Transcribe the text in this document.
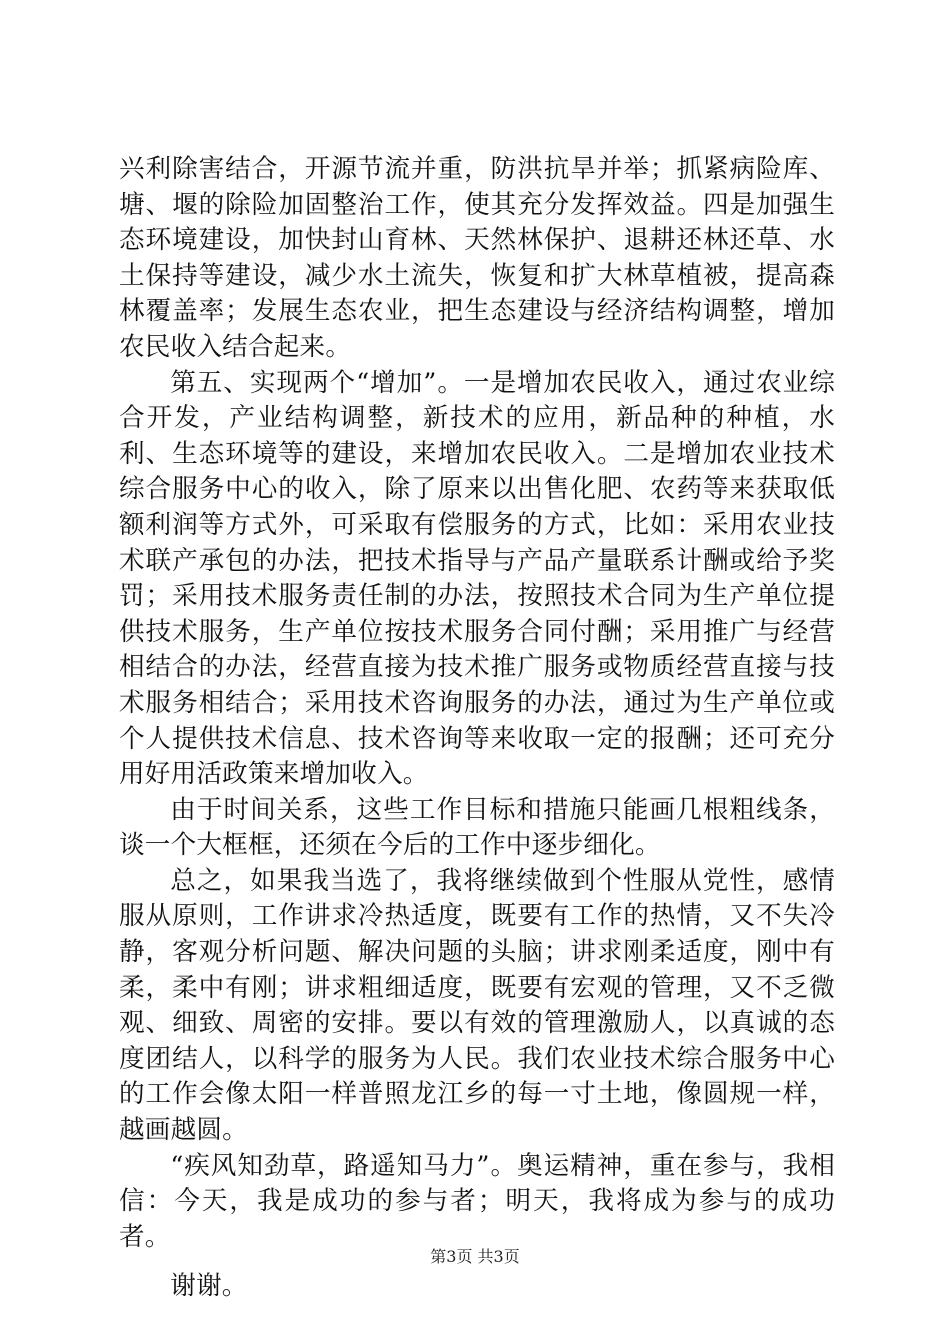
兴利除害结合，开源节流并重，防洪抗旱并举；抓紧病险库、塘、堰的除险加固整治工作，使其充分发挥效益。四是加强生态环境建设，加快封山育林、天然林保护、退耕还林还草、水土保持等建设，减少水土流失，恢复和扩大林草植被，提高森林覆盖率；发展生态农业，把生态建设与经济结构调整，增加农民收入结合起来。

第五、实现两个“增加”。一是增加农民收入，通过农业综合开发，产业结构调整，新技术的应用，新品种的种植，水利、生态环境等的建设，来增加农民收入。二是增加农业技术综合服务中心的收入，除了原来以出售化肥、农药等来获取低额利润等方式外，可采取有偿服务的方式，比如：采用农业技术联产承包的办法，把技术指导与产品产量联系计酬或给予奖罚；采用技术服务责任制的办法，按照技术合同为生产单位提供技术服务，生产单位按技术服务合同付酬；采用推广与经营相结合的办法，经营直接为技术推广服务或物质经营直接与技术服务相结合；采用技术咨询服务的办法，通过为生产单位或个人提供技术信息、技术咨询等来收取一定的报酬；还可充分用好用活政策来增加收入。

由于时间关系，这些工作目标和措施只能画几根粗线条，谈一个大框框，还须在今后的工作中逐步细化。

总之，如果我当选了，我将继续做到个性服从党性，感情服从原则，工作讲求冷热适度，既要有工作的热情，又不失冷静，客观分析问题、解决问题的头脑；讲求刚柔适度，刚中有柔，柔中有刚；讲求粗细适度，既要有宏观的管理，又不乏微观、细致、周密的安排。要以有效的管理激励人，以真诚的态度团结人，以科学的服务为人民。我们农业技术综合服务中心的工作会像太阳一样普照龙江乡的每一寸土地，像圆规一样，越画越圆。

“疾风知劲草，路遥知马力”。奥运精神，重在参与，我相信：今天，我是成功的参与者；明天，我将成为参与的成功者。

谢谢。

第3页 共3页
